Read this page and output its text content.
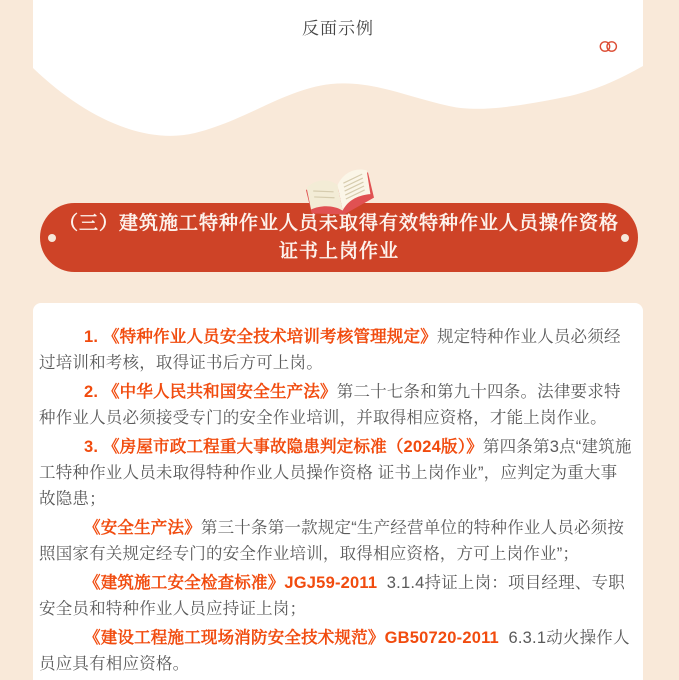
反面示例
（三）建筑施工特种作业人员未取得有效特种作业人员操作资格
证书上岗作业

1. 《特种作业人员安全技术培训考核管理规定》规定特种作业人员必须经过培训和考核，取得证书后方可上岗。

2. 《中华人民共和国安全生产法》第二十七条和第九十四条。法律要求特种作业人员必须接受专门的安全作业培训，并取得相应资格，才能上岗作业。

3. 《房屋市政工程重大事故隐患判定标准（2024版）》第四条第3点“建筑施工特种作业人员未取得特种作业人员操作资格 证书上岗作业”，应判定为重大事故隐患；

《安全生产法》第三十条第一款规定“生产经营单位的特种作业人员必须按照国家有关规定经专门的安全作业培训，取得相应资格，方可上岗作业”；

《建筑施工安全检查标准》JGJ59-2011  3.1.4持证上岗：项目经理、专职安全员和特种作业人员应持证上岗；

《建设工程施工现场消防安全技术规范》GB50720-2011  6.3.1动火操作人员应具有相应资格。
